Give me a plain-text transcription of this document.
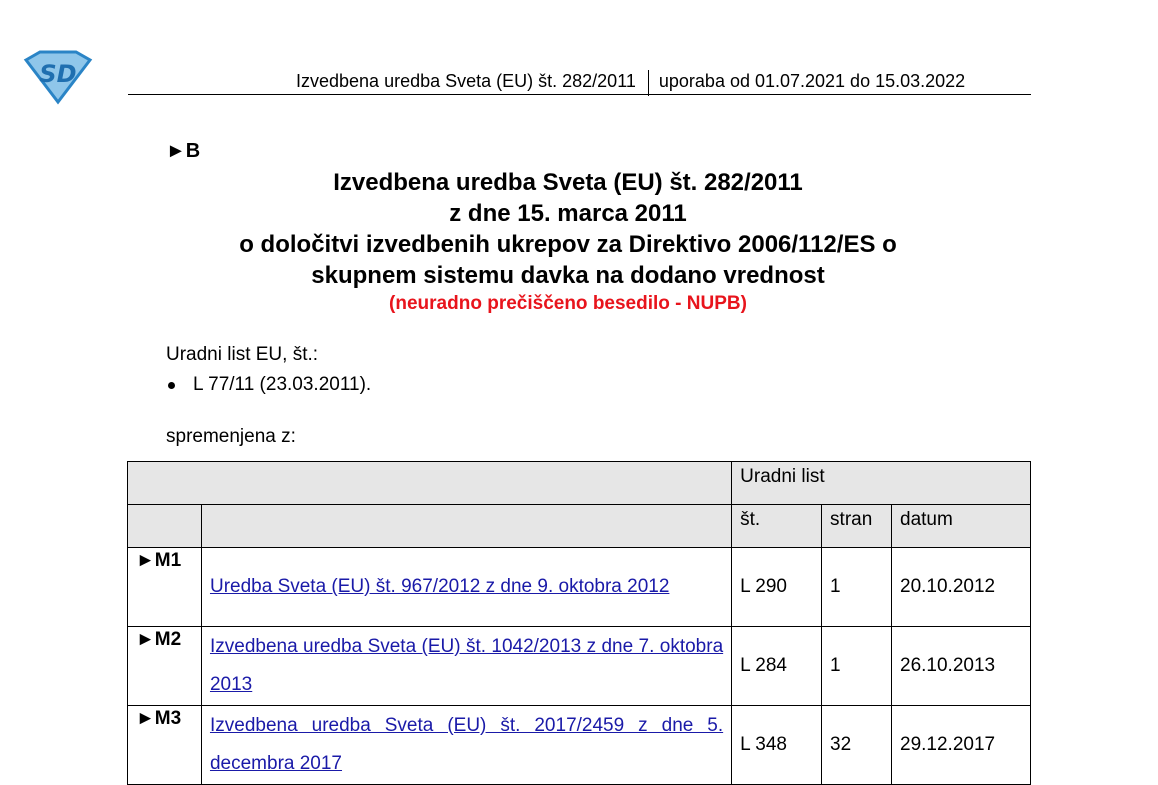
SD	Izvedbena uredba Sveta (EU) št. 282/2011 uporaba od 01.07.2021 do 15.03.2022
►B
Izvedbena uredba Sveta (EU) št. 282/2011
z dne 15. marca 2011
o določitvi izvedbenih ukrepov za Direktivo 2006/112/ES o
skupnem sistemu davka na dodano vrednost
(neuradno prečiščeno besedilo - NUPB)
Uradni list EU, št.:
L 77/11 (23.03.2011).
spremenjena z:
		Uradni list		
		št.	stran	datum
►M1	Uredba Sveta (EU) št. 967/2012 z dne 9. oktobra 2012	L 290	1	20.10.2012
►M2	Izvedbena uredba Sveta (EU) št. 1042/2013 z dne 7. oktobra 2013	L 284	1	26.10.2013
►M3	Izvedbena uredba Sveta (EU) št. 2017/2459 z dne 5. decembra 2017	L 348	32	29.12.2017
